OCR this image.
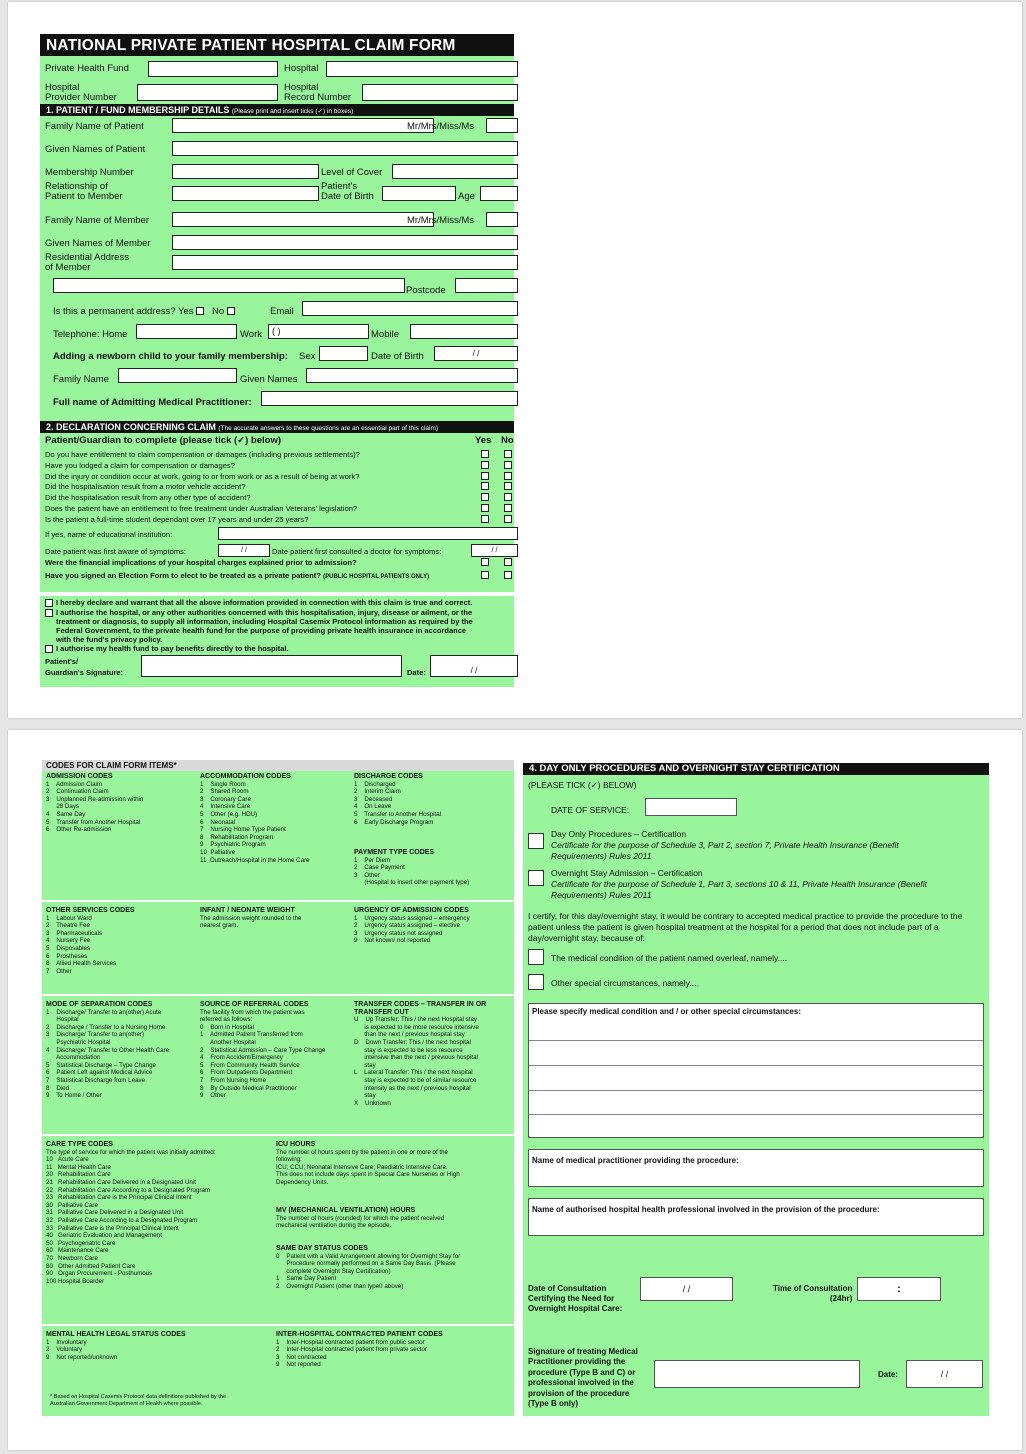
NATIONAL PRIVATE PATIENT HOSPITAL CLAIM FORM
Private Health Fund	Hospital
Hospital
Provider Number
Hospital
Record Number
1. PATIENT / FUND MEMBERSHIP DETAILS (Please print and insert ticks (✓) in boxes)
Family Name of Patient	Mr/Mrs/Miss/Ms
Given Names of Patient
Membership Number	Level of Cover
Relationship of
Patient to Member
Patient's
Date of Birth	Age
Family Name of Member	Mr/Mrs/Miss/Ms
Given Names of Member
Residential Address
of Member
Postcode
Is this a permanent address? Yes No	Email
Telephone: Home	Work	( )	Mobile
Adding a newborn child to your family membership: Sex	Date of Birth	/ /
Family Name	Given Names
Full name of Admitting Medical Practitioner:
2. DECLARATION CONCERNING CLAIM (The accurate answers to these questions are an essential part of this claim)
Patient/Guardian to complete (please tick (✓) below)	Yes No
Do you have entitlement to claim compensation or damages (including previous settlements)?
Have you lodged a claim for compensation or damages?
Did the injury or condition occur at work, going to or from work or as a result of being at work?
Did the hospitalisation result from a motor vehicle accident?
Did the hospitalisation result from any other type of accident?
Does the patient have an entitlement to free treatment under Australian Veterans' legislation?
Is the patient a full-time student dependant over 17 years and under 25 years?
If yes, name of educational institution:
Date patient was first aware of symptoms:	/ /	Date patient first consulted a doctor for symptoms:	/ /
Were the financial implications of your hospital charges explained prior to admission?
Have you signed an Election Form to elect to be treated as a private patient? (PUBLIC HOSPITAL PATIENTS ONLY)
I hereby declare and warrant that all the above information provided in connection with this claim is true and correct.
I authorise the hospital, or any other authorities concerned with this hospitalisation, injury, disease or ailment, or the
treatment or diagnosis, to supply all information, including Hospital Casemix Protocol information as required by the
Federal Government, to the private health fund for the purpose of providing private health insurance in accordance
with the fund's privacy policy.
I authorise my health fund to pay benefits directly to the hospital.
Patient's/
Guardian's Signature:	Date:	/ /
CODES FOR CLAIM FORM ITEMS*
ADMISSION CODES
1    Admission Claim
2    Continuation Claim
3    Unplanned Re-admission within
28 Days
4    Same Day
5    Transfer from Another Hospital
6    Other Re-admission
ACCOMMODATION CODES
1    Single Room
2    Shared Room
3    Coronary Care
4    Intensive Care
5    Other (e.g. HDU)
6    Neonatal
7    Nursing Home Type Patient
8    Rehabilitation Program
9    Psychiatric Program
10  Palliative
11  Outreach/Hospital in the Home Care
DISCHARGE CODES
1    Discharged
2    Interim Claim
3    Deceased
4    On Leave
5    Transfer to Another Hospital
6    Early Discharge Program
PAYMENT TYPE CODES
1    Per Diem
2    Case Payment
3    Other
(Hospital to insert other payment type)
OTHER SERVICES CODES
1    Labour Ward
2    Theatre Fee
3    Pharmaceuticals
4    Nursery Fee
5    Disposables
6    Prostheses
8    Allied Health Services
7    Other
INFANT / NEONATE WEIGHT
The admission weight rounded to the
nearest gram.
URGENCY OF ADMISSION CODES
1    Urgency status assigned – emergency
2    Urgency status assigned – elective
3    Urgency status not assigned
9    Not known/ not reported
MODE OF SEPARATION CODES
1    Discharge/ Transfer to an(other) Acute
Hospital
2    Discharge / Transfer to a Nursing Home
3    Discharge/ Transfer to an(other)
Psychiatric Hospital
4    Discharge/ Transfer to Other Health Care
Accommodation
5    Statistical Discharge – Type Change
6    Patient Left against Medical Advice
7    Statistical Discharge from Leave
8    Died
9    To Home / Other
SOURCE OF REFERRAL CODES
The facility from which the patient was
referred as follows:
0    Born in Hospital
1    Admitted Patient Transferred from
Another Hospital
2    Statistical Admission – Care Type Change
4    From Accident/Emergency
5    From Community Health Service
6    From Outpatients Department
7    From Nursing Home
8    By Outside Medical Practitioner
9    Other
TRANSFER CODES – TRANSFER IN OR
TRANSFER OUT
U    Up Transfer: This / the next Hospital stay
is expected to be more resource intensive
than the next / previous hospital stay
D    Down Transfer: This / the next hospital
stay is expected to be less resource
intensive than the next / previous hospital
stay
L    Lateral Transfer: This / the next hospital
stay is expected to be of similar resource
intensity as the next / previous hospital
stay
X    Unknown
CARE TYPE CODES
The type of service for which the patient was initially admitted:
10   Acute Care
11   Mental Health Care
20   Rehabilitation Care
21   Rehabilitation Care Delivered in a Designated Unit
22   Rehabilitation Care According to a Designated Program
23   Rehabilitation Care is the Principal Clinical Intent
30   Palliative Care
31   Palliative Care Delivered in a Designated Unit
32   Palliative Care According to a Designated Program
33   Palliative Care is the Principal Clinical Intent
40   Geriatric Evaluation and Management
50   Psychogeriatric Care
60   Maintenance Care
70   Newborn Care
80   Other Admitted Patient Care
90   Organ Procurement - Posthumous
100 Hospital Boarder
ICU HOURS
The number of hours spent by the patient in one or more of the
following:
ICU; CCU; Neonatal Intensive Care; Paediatric Intensive Care.
This does not include days spent in Special Care Nurseries or High
Dependency Units.
MV (MECHANICAL VENTILATION) HOURS
The number of hours (rounded) for which the patient received
mechanical ventilation during the episode.
SAME DAY STATUS CODES
0    Patient with a Valid Arrangement allowing for Overnight Stay for
Procedure normally performed on a Same Day Basis. (Please
complete Overnight Stay Certification)
1    Same Day Patient
2    Overnight Patient (other than type0 above)
MENTAL HEALTH LEGAL STATUS CODES
1    Involuntary
2    Voluntary
9    Not reported/unknown
INTER-HOSPITAL CONTRACTED PATIENT CODES
1    Inter-Hospital contracted patient from public sector
2    Inter-Hospital contracted patient from private sector
3    Not contracted
9    Not reported
* Based on Hospital Casemix Protocol data definitions published by the
Australian Government Department of Health where possible.
4. DAY ONLY PROCEDURES AND OVERNIGHT STAY CERTIFICATION
(PLEASE TICK (✓) BELOW)
DATE OF SERVICE:
Day Only Procedures – Certification
Certificate for the purpose of Schedule 3, Part 2, section 7, Private Health Insurance (Benefit
Requirements) Rules 2011
Overnight Stay Admission – Certification
Certificate for the purpose of Schedule 1, Part 3, sections 10 & 11, Private Health Insurance (Benefit
Requirements) Rules 2011
I certify, for this day/overnight stay, it would be contrary to accepted medical practice to provide the procedure to the
patient unless the patient is given hospital treatment at the hospital for a period that does not include part of a
day/overnight stay, because of:
The medical condition of the patient named overleaf, namely....
Other special circumstances, namely....
Please specify medical condition and / or other special circumstances:
Name of medical practitioner providing the procedure:
Name of authorised hospital health professional involved in the provision of the procedure:
Date of Consultation
Certifying the Need for
Overnight Hospital Care:
/ /	Time of Consultation
(24hr)
:
Signature of treating Medical
Practitioner providing the
procedure (Type B and C) or
professional involved in the
provision of the procedure
(Type B only)
Date:	/ /
